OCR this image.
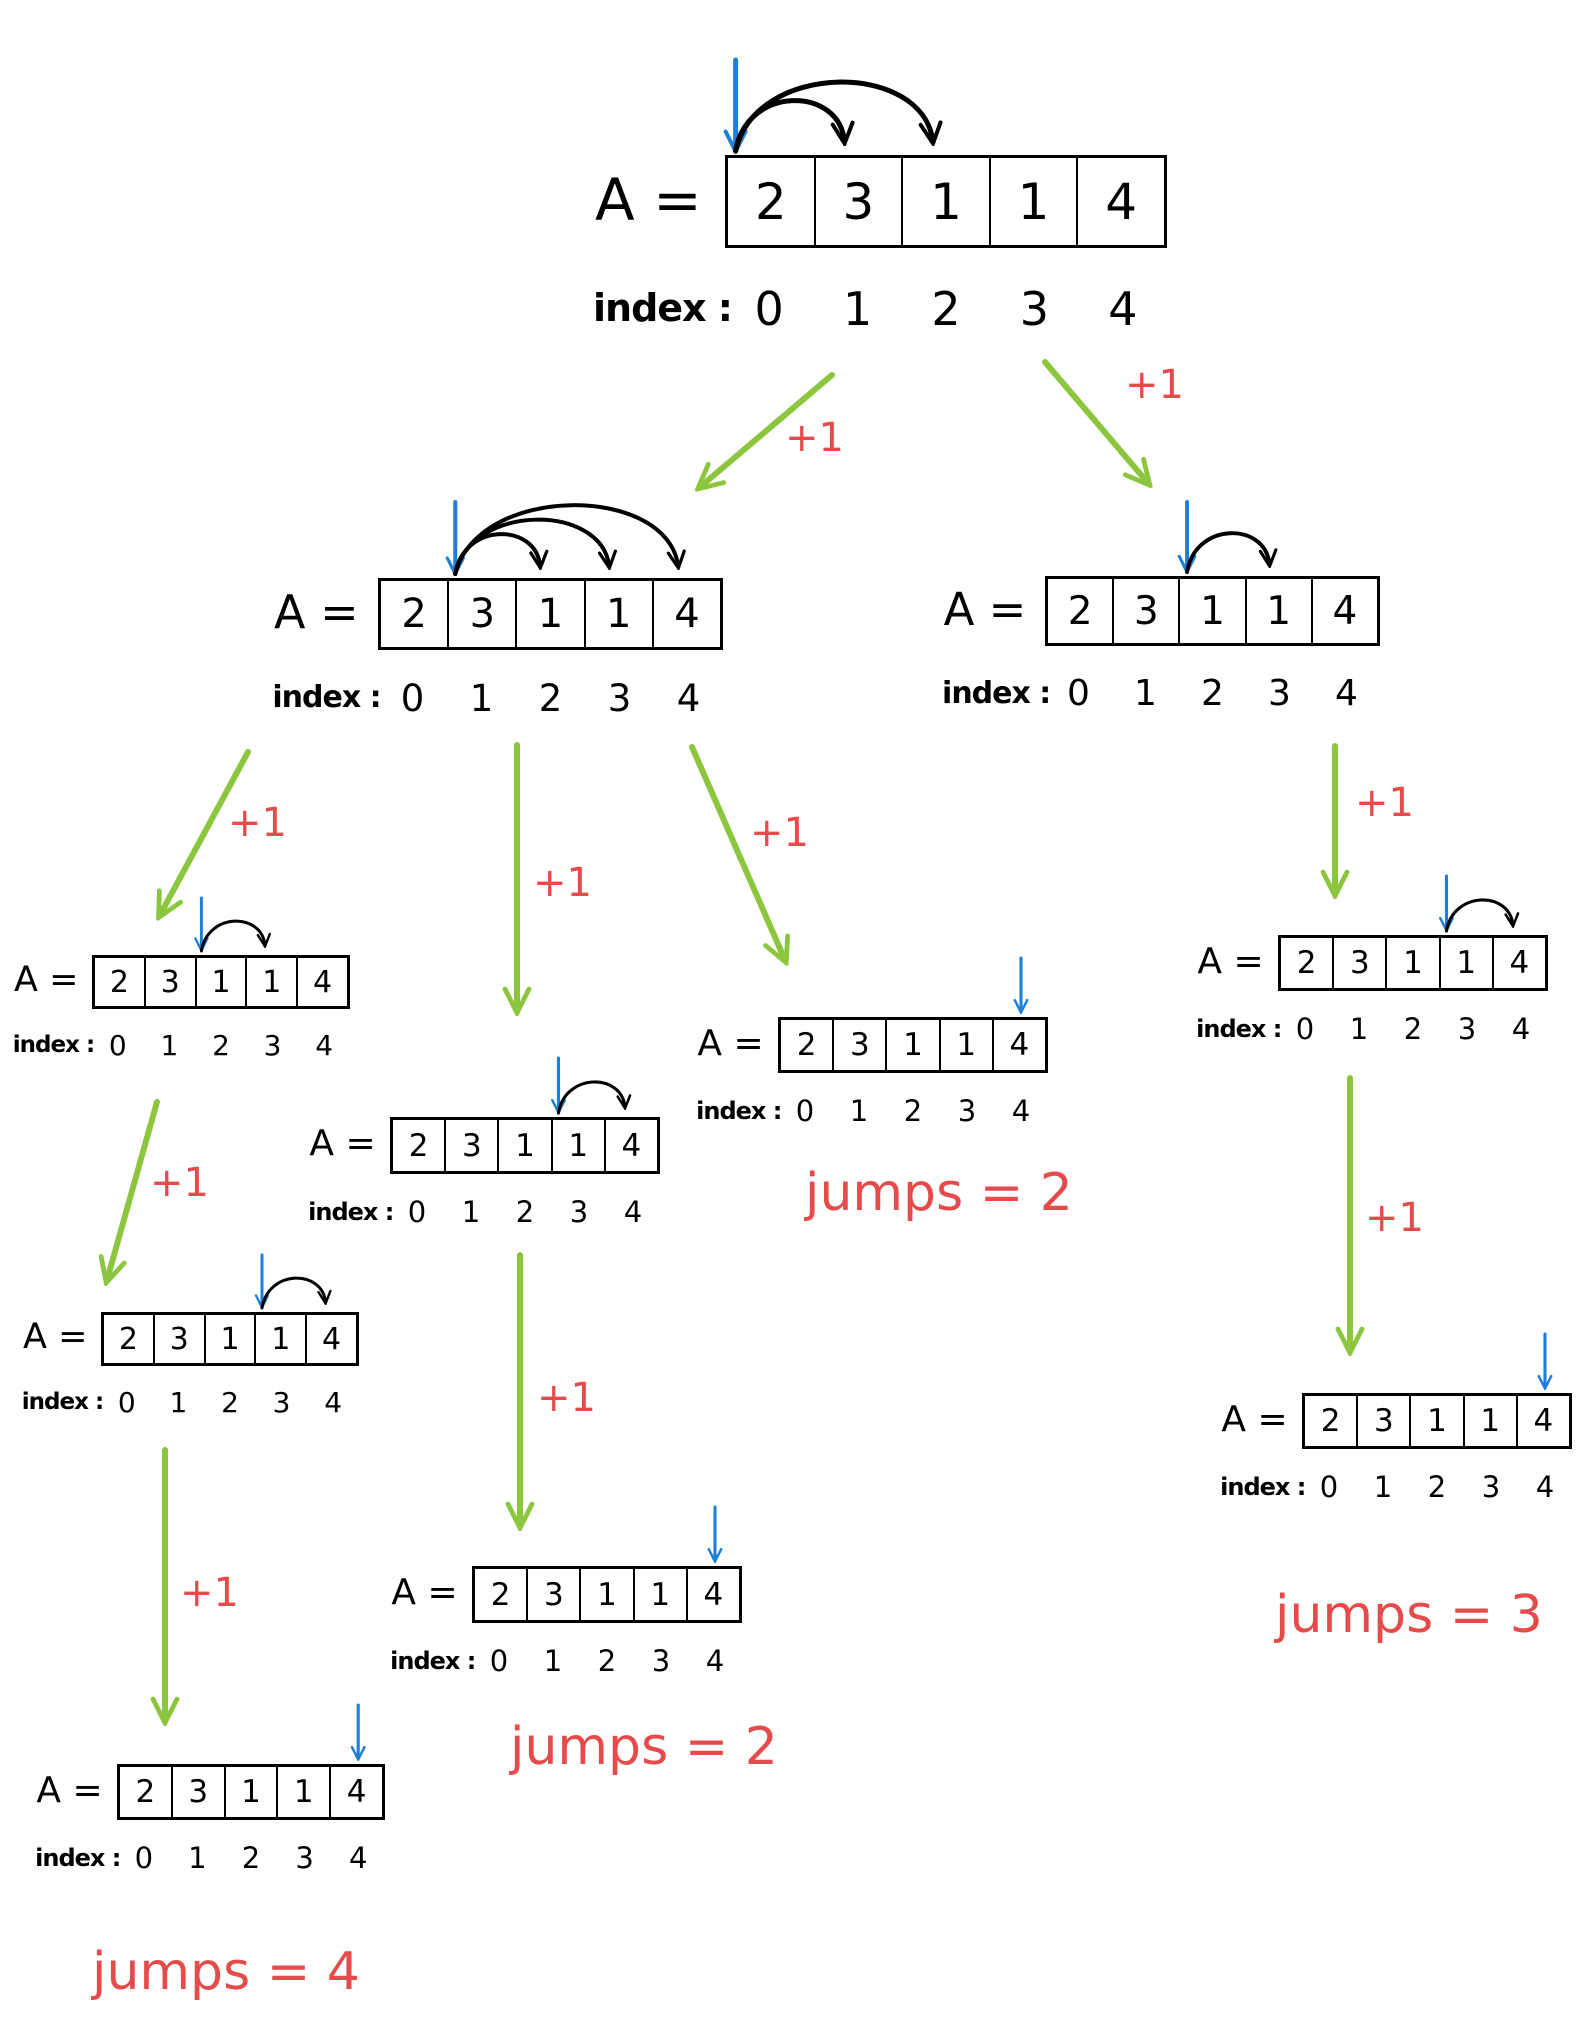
+1
+1
+1
+1
+1
+1
+1
+1
+1
+1
A =	2	3	1	1	4
index : 0	1	2	3	4
A =	2	3	1	1	4
index : 0	1	2	3	4
A =	2	3	1	1	4
index : 0	1	2	3	4
A =	2	3	1	1	4
index : 0	1	2	3	4
A =	2	3	1	1	4
index : 0	1	2	3	4
A =	2	3	1	1	4
index : 0	1	2	3	4
A =	2	3	1	1	4
index : 0	1	2	3	4
A =	2	3	1	1	4
index : 0	1	2	3	4
A =	2	3	1	1	4
index : 0	1	2	3	4
A =	2	3	1	1	4
index : 0	1	2	3	4
A =	2	3	1	1	4
index : 0	1	2	3	4
jumps = 2
jumps = 2
jumps = 3
jumps = 4
